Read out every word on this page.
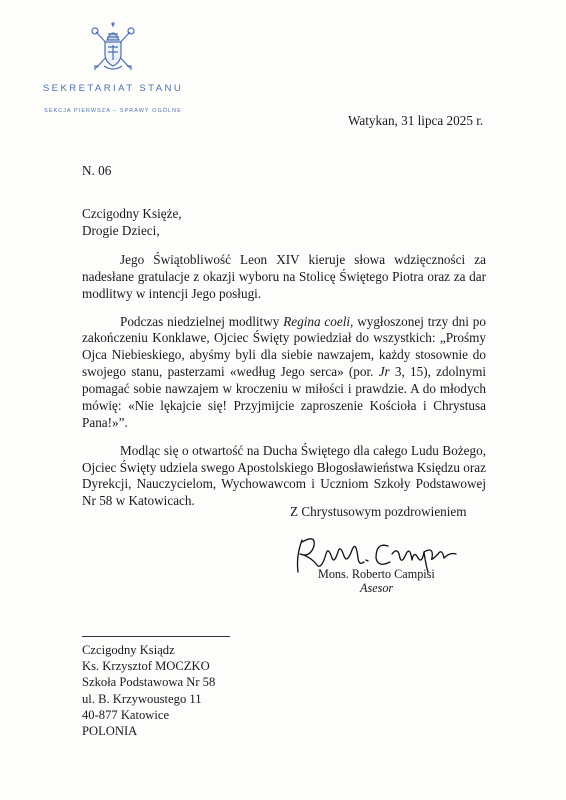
SEKRETARIAT STANU
SEKCJA PIERWSZA – SPRAWY OGÓLNE
Watykan, 31 lipca 2025 r.
N. 06
Czcigodny Księże,
Drogie Dzieci,

Jego Świątobliwość Leon XIV kieruje słowa wdzięczności za nadesłane gratulacje z okazji wyboru na Stolicę Świętego Piotra oraz za dar modlitwy w intencji Jego posługi.

Podczas niedzielnej modlitwy Regina coeli, wygłoszonej trzy dni po zakończeniu Konklawe, Ojciec Święty powiedział do wszystkich: „Prośmy Ojca Niebieskiego, abyśmy byli dla siebie nawzajem, każdy stosownie do swojego stanu, pasterzami «według Jego serca» (por. Jr 3, 15), zdolnymi pomagać sobie nawzajem w kroczeniu w miłości i prawdzie. A do młodych mówię: «Nie lękajcie się! Przyjmijcie zaproszenie Kościoła i Chrystusa Pana!»”.

Modląc się o otwartość na Ducha Świętego dla całego Ludu Bożego, Ojciec Święty udziela swego Apostolskiego Błogosławieństwa Księdzu oraz Dyrekcji, Nauczycielom, Wychowawcom i Uczniom Szkoły Podstawowej Nr 58 w Katowicach.

Z Chrystusowym pozdrowieniem
Mons. Roberto Campisi
Asesor
Czcigodny Ksiądz
Ks. Krzysztof MOCZKO
Szkoła Podstawowa Nr 58
ul. B. Krzywoustego 11
40-877 Katowice
POLONIA
